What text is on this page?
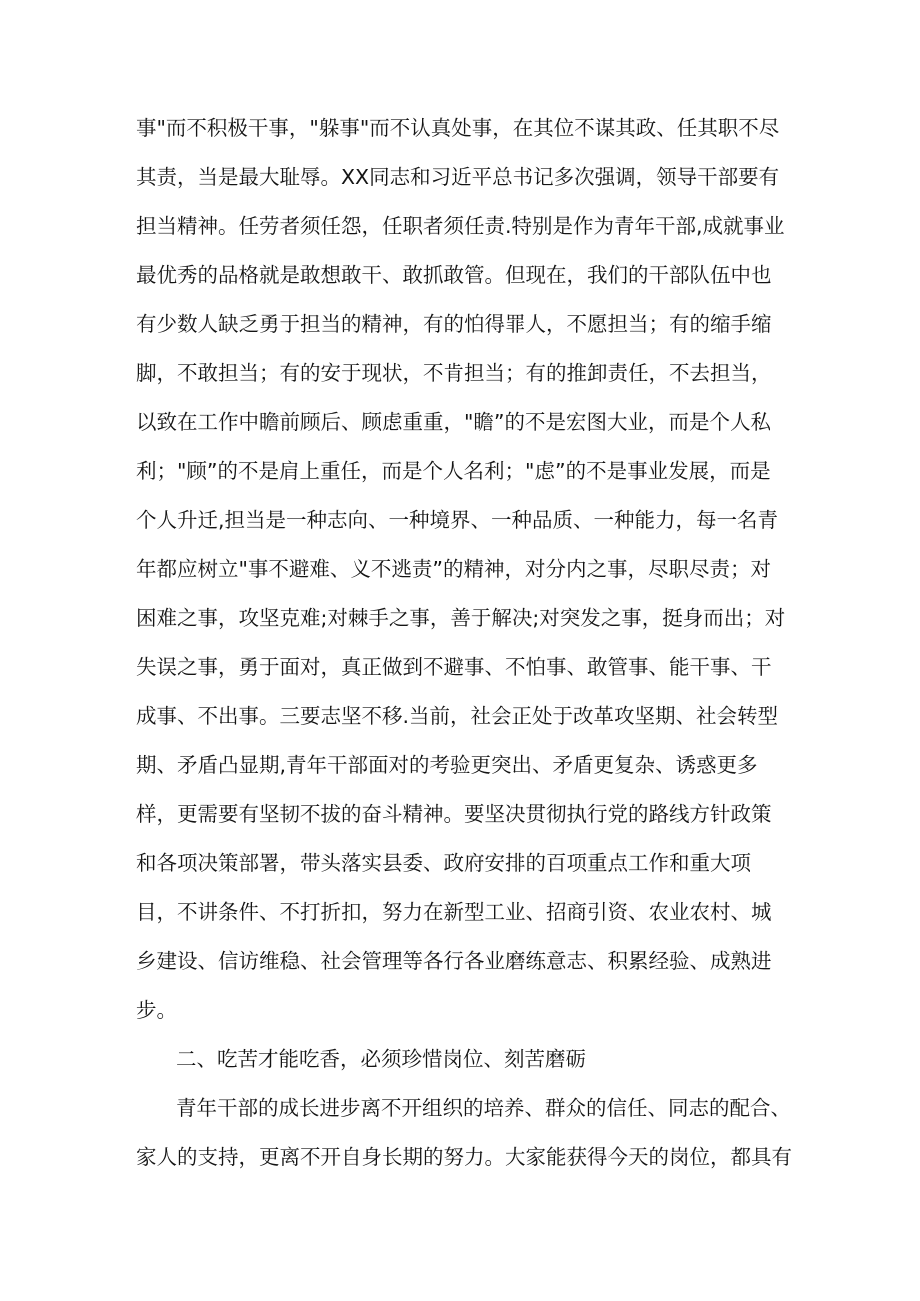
事"而不积极干事，"躲事"而不认真处事，在其位不谋其政、任其职不尽
其责，当是最大耻辱。XX同志和习近平总书记多次强调，领导干部要有
担当精神。任劳者须任怨，任职者须任责.特别是作为青年干部,成就事业
最优秀的品格就是敢想敢干、敢抓敢管。但现在，我们的干部队伍中也
有少数人缺乏勇于担当的精神，有的怕得罪人，不愿担当；有的缩手缩
脚，不敢担当；有的安于现状，不肯担当；有的推卸责任，不去担当，
以致在工作中瞻前顾后、顾虑重重，"瞻”的不是宏图大业，而是个人私
利；"顾”的不是肩上重任，而是个人名利；"虑”的不是事业发展，而是
个人升迁,担当是一种志向、一种境界、一种品质、一种能力，每一名青
年都应树立"事不避难、义不逃责”的精神，对分内之事，尽职尽责；对
困难之事，攻坚克难;对棘手之事，善于解决;对突发之事，挺身而出；对
失误之事，勇于面对，真正做到不避事、不怕事、敢管事、能干事、干
成事、不出事。三要志坚不移.当前，社会正处于改革攻坚期、社会转型
期、矛盾凸显期,青年干部面对的考验更突出、矛盾更复杂、诱惑更多
样，更需要有坚韧不拔的奋斗精神。要坚决贯彻执行党的路线方针政策
和各项决策部署，带头落实县委、政府安排的百项重点工作和重大项
目，不讲条件、不打折扣，努力在新型工业、招商引资、农业农村、城
乡建设、信访维稳、社会管理等各行各业磨练意志、积累经验、成熟进
步。
二、吃苦才能吃香，必须珍惜岗位、刻苦磨砺
青年干部的成长进步离不开组织的培养、群众的信任、同志的配合、
家人的支持，更离不开自身长期的努力。大家能获得今天的岗位，都具有
